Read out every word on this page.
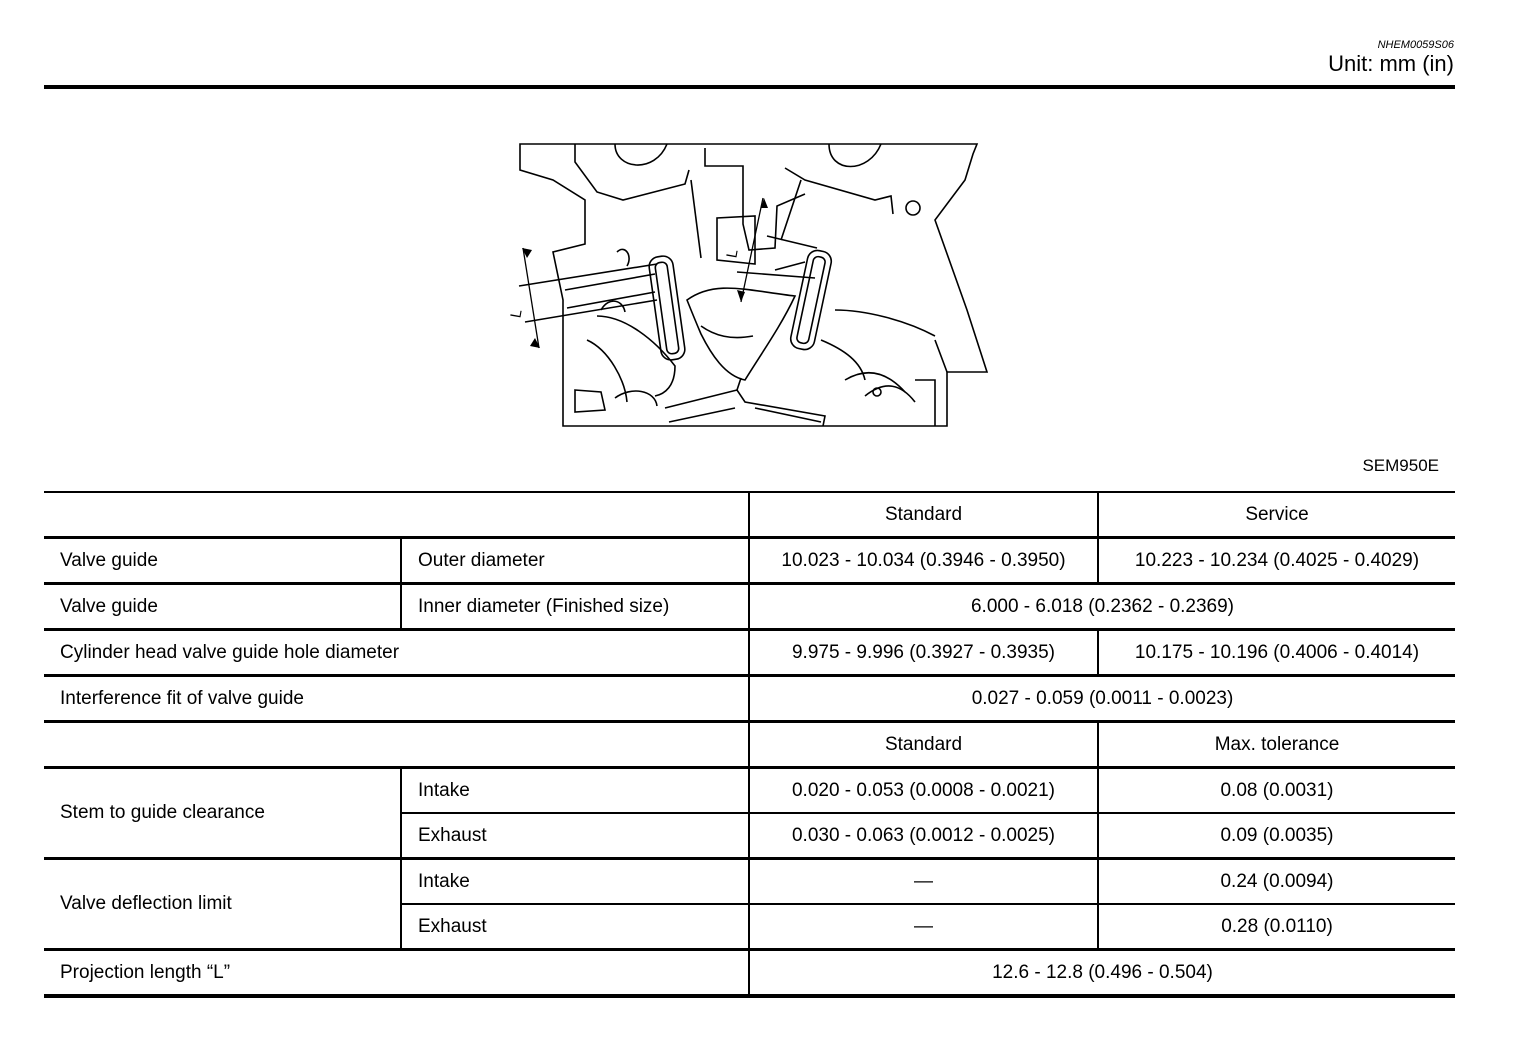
NHEM0059S06
Unit: mm (in)
L
L
SEM950E
		Standard	Service
Valve guide	Outer diameter	10.023 - 10.034 (0.3946 - 0.3950)	10.223 - 10.234 (0.4025 - 0.4029)
Valve guide	Inner diameter (Finished size)	6.000 - 6.018 (0.2362 - 0.2369)	
Cylinder head valve guide hole diameter		9.975 - 9.996 (0.3927 - 0.3935)	10.175 - 10.196 (0.4006 - 0.4014)
Interference fit of valve guide		0.027 - 0.059 (0.0011 - 0.0023)	
		Standard	Max. tolerance
Stem to guide clearance	Intake	0.020 - 0.053 (0.0008 - 0.0021)	0.08 (0.0031)
	Exhaust	0.030 - 0.063 (0.0012 - 0.0025)	0.09 (0.0035)
Valve deflection limit	Intake	—	0.24 (0.0094)
	Exhaust	—	0.28 (0.0110)
Projection length “L”		12.6 - 12.8 (0.496 - 0.504)	
